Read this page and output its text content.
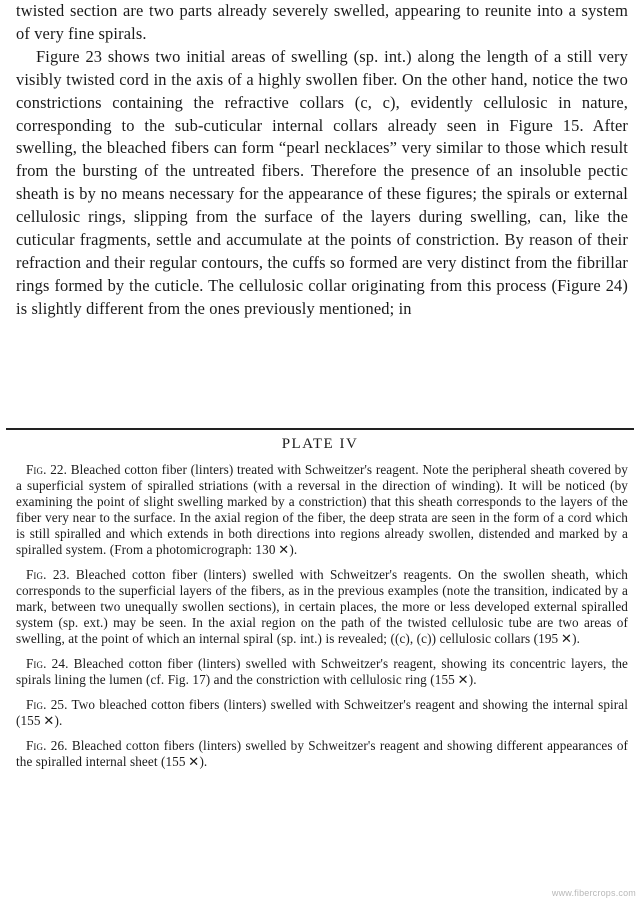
twisted section are two parts already severely swelled, appearing to reunite into a system of very fine spirals.

Figure 23 shows two initial areas of swelling (sp. int.) along the length of a still very visibly twisted cord in the axis of a highly swollen fiber. On the other hand, notice the two constrictions containing the refractive collars (c, c), evidently cellulosic in nature, corresponding to the sub-cuticular internal collars already seen in Figure 15. After swelling, the bleached fibers can form “pearl necklaces” very similar to those which result from the bursting of the untreated fibers. Therefore the presence of an insoluble pectic sheath is by no means necessary for the appearance of these figures; the spirals or external cellulosic rings, slipping from the surface of the layers during swelling, can, like the cuticular fragments, settle and accumulate at the points of constriction. By reason of their refraction and their regular contours, the cuffs so formed are very distinct from the fibrillar rings formed by the cuticle. The cellulosic collar originating from this process (Figure 24) is slightly different from the ones previously mentioned; in

PLATE IV

Fig. 22. Bleached cotton fiber (linters) treated with Schweitzer's reagent. Note the peripheral sheath covered by a superficial system of spiralled striations (with a reversal in the direction of winding). It will be noticed (by examining the point of slight swelling marked by a constriction) that this sheath corresponds to the layers of the fiber very near to the surface. In the axial region of the fiber, the deep strata are seen in the form of a cord which is still spiralled and which extends in both directions into regions already swollen, distended and marked by a spiralled system. (From a photomicrograph: 130 ✕).

Fig. 23. Bleached cotton fiber (linters) swelled with Schweitzer's reagents. On the swollen sheath, which corresponds to the superficial layers of the fibers, as in the previous examples (note the transition, indicated by a mark, between two unequally swollen sections), in certain places, the more or less developed external spiralled system (sp. ext.) may be seen. In the axial region on the path of the twisted cellulosic tube are two areas of swelling, at the point of which an internal spiral (sp. int.) is revealed; ((c), (c)) cellulosic collars (195 ✕).

Fig. 24. Bleached cotton fiber (linters) swelled with Schweitzer's reagent, showing its concentric layers, the spirals lining the lumen (cf. Fig. 17) and the constriction with cellulosic ring (155 ✕).

Fig. 25. Two bleached cotton fibers (linters) swelled with Schweitzer's reagent and showing the internal spiral (155 ✕).

Fig. 26. Bleached cotton fibers (linters) swelled by Schweitzer's reagent and showing different appearances of the spiralled internal sheet (155 ✕).

www.fibercrops.com
